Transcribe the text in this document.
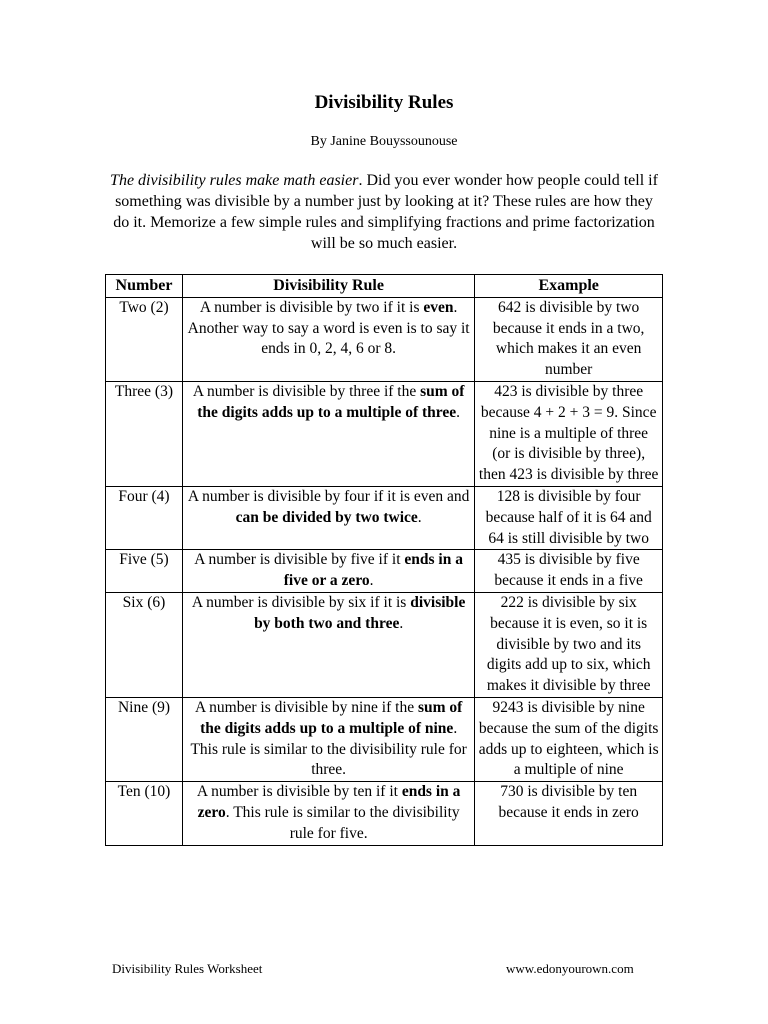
Divisibility Rules
By Janine Bouyssounouse
The divisibility rules make math easier. Did you ever wonder how people could tell if something was divisible by a number just by looking at it? These rules are how they do it. Memorize a few simple rules and simplifying fractions and prime factorization will be so much easier.
Number	Divisibility Rule	Example
Two (2)	A number is divisible by two if it is even. Another way to say a word is even is to say it ends in 0, 2, 4, 6 or 8.	642 is divisible by two because it ends in a two, which makes it an even number
Three (3)	A number is divisible by three if the sum of the digits adds up to a multiple of three.	423 is divisible by three because 4 + 2 + 3 = 9. Since nine is a multiple of three (or is divisible by three), then 423 is divisible by three
Four (4)	A number is divisible by four if it is even and can be divided by two twice.	128 is divisible by four because half of it is 64 and 64 is still divisible by two
Five (5)	A number is divisible by five if it ends in a five or a zero.	435 is divisible by five because it ends in a five
Six (6)	A number is divisible by six if it is divisible by both two and three.	222 is divisible by six because it is even, so it is divisible by two and its digits add up to six, which makes it divisible by three
Nine (9)	A number is divisible by nine if the sum of the digits adds up to a multiple of nine. This rule is similar to the divisibility rule for three.	9243 is divisible by nine because the sum of the digits adds up to eighteen, which is a multiple of nine
Ten (10)	A number is divisible by ten if it ends in a zero. This rule is similar to the divisibility rule for five.	730 is divisible by ten because it ends in zero
Divisibility Rules Worksheet	www.edonyourown.com
